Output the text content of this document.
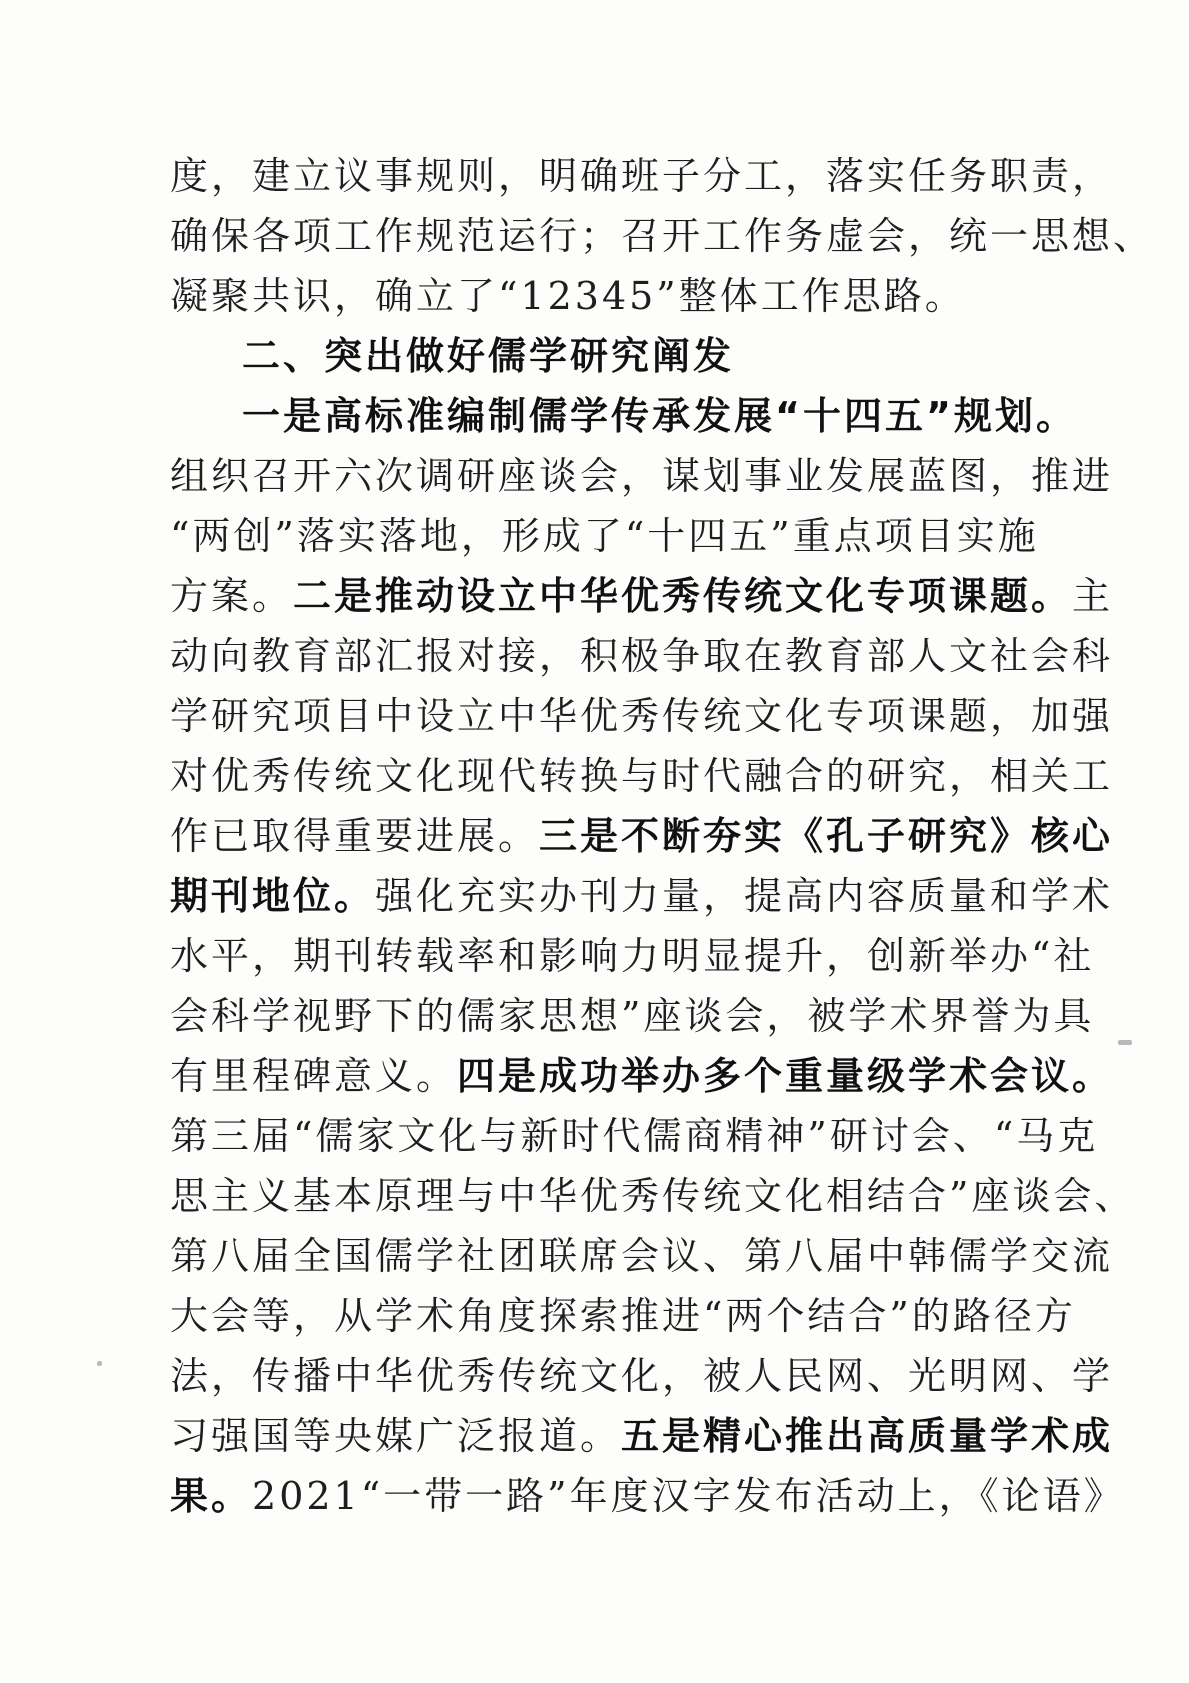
度，建立议事规则，明确班子分工，落实任务职责，
确保各项工作规范运行；召开工作务虚会，统一思想、
凝聚共识，确立了“12345”整体工作思路。
二、突出做好儒学研究阐发
一是高标准编制儒学传承发展“十四五”规划。
组织召开六次调研座谈会，谋划事业发展蓝图，推进
“两创”落实落地，形成了“十四五”重点项目实施
方案。二是推动设立中华优秀传统文化专项课题。主
动向教育部汇报对接，积极争取在教育部人文社会科
学研究项目中设立中华优秀传统文化专项课题，加强
对优秀传统文化现代转换与时代融合的研究，相关工
作已取得重要进展。三是不断夯实《孔子研究》核心
期刊地位。强化充实办刊力量，提高内容质量和学术
水平，期刊转载率和影响力明显提升，创新举办“社
会科学视野下的儒家思想”座谈会，被学术界誉为具
有里程碑意义。四是成功举办多个重量级学术会议。
第三届“儒家文化与新时代儒商精神”研讨会、“马克
思主义基本原理与中华优秀传统文化相结合”座谈会、
第八届全国儒学社团联席会议、第八届中韩儒学交流
大会等，从学术角度探索推进“两个结合”的路径方
法，传播中华优秀传统文化，被人民网、光明网、学
习强国等央媒广泛报道。五是精心推出高质量学术成
果。2021“一带一路”年度汉字发布活动上，《论语》
